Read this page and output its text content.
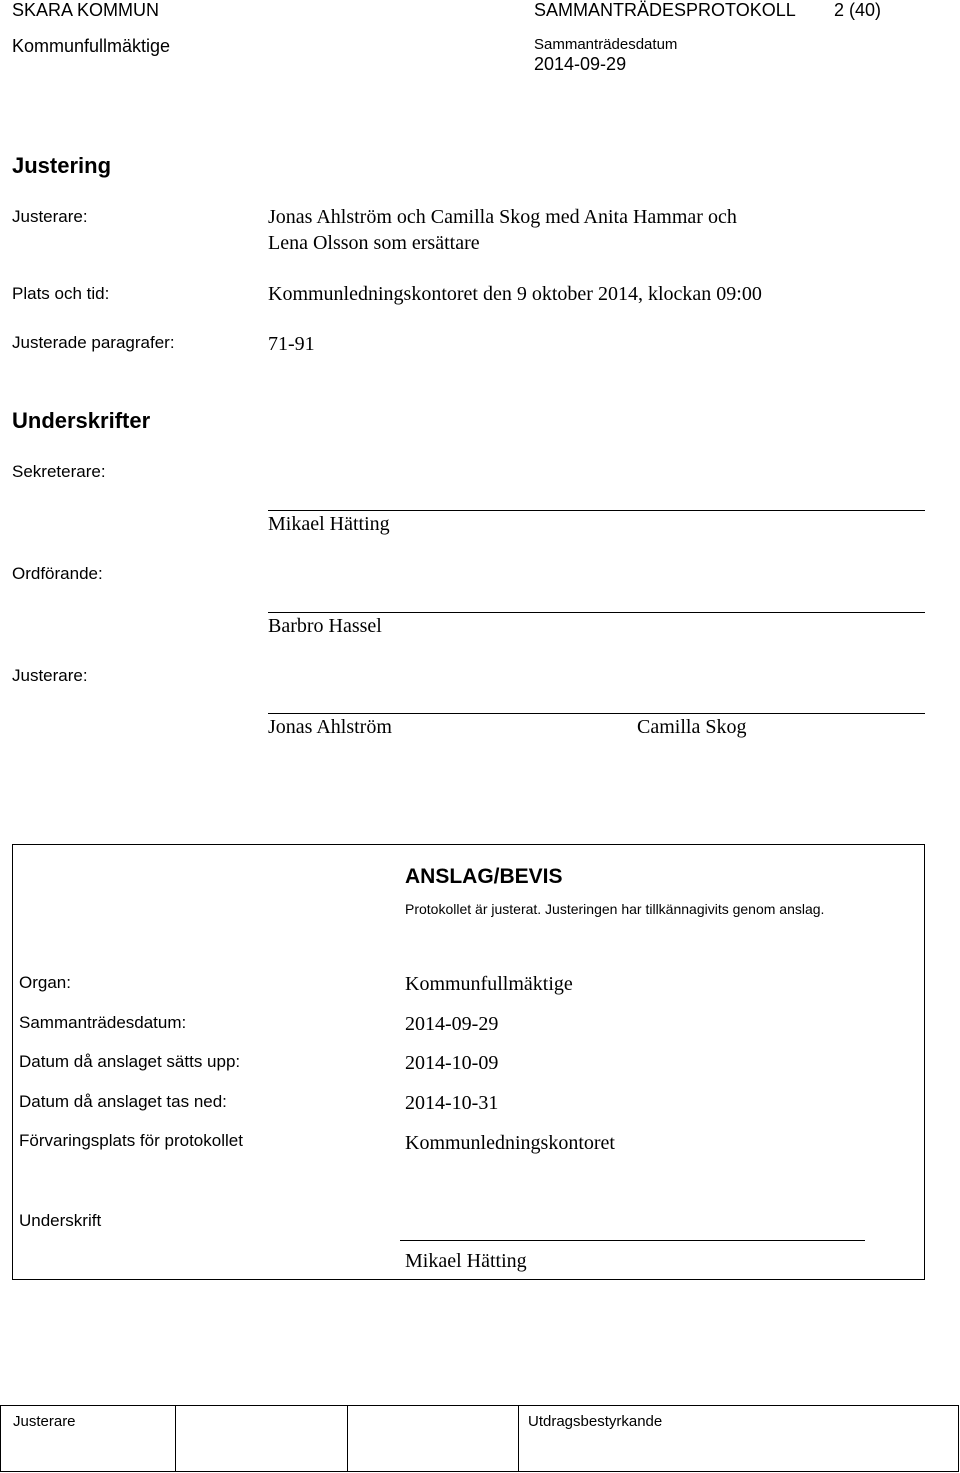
SKARA KOMMUN	SAMMANTRÄDESPROTOKOLL 2 (40)
Kommunfullmäktige	Sammanträdesdatum
2014-09-29
Justering
Justerare:	Jonas Ahlström och Camilla Skog med Anita Hammar och
Lena Olsson som ersättare
Plats och tid:	Kommunledningskontoret den 9 oktober 2014, klockan 09:00
Justerade paragrafer:	71-91
Underskrifter
Sekreterare:
Mikael Hätting
Ordförande:
Barbro Hassel
Justerare:
Jonas Ahlström	Camilla Skog
ANSLAG/BEVIS
Protokollet är justerat. Justeringen har tillkännagivits genom anslag.
Organ:	Kommunfullmäktige
Sammanträdesdatum:	2014-09-29
Datum då anslaget sätts upp:	2014-10-09
Datum då anslaget tas ned:	2014-10-31
Förvaringsplats för protokollet	Kommunledningskontoret
Underskrift
Mikael Hätting
Justerare	Utdragsbestyrkande
